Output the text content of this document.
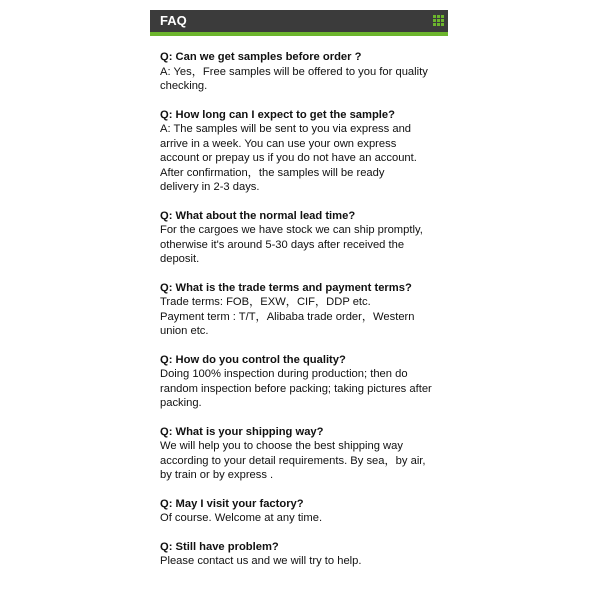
FAQ

Q: Can we get samples before order ?

A: Yes，Free samples will be offered to you for quality
checking.

Q: How long can I expect to get the sample?

A: The samples will be sent to you via express and
arrive in a week. You can use your own express
account or prepay us if you do not have an account.
After confirmation，the samples will be ready
delivery in 2-3 days.

Q: What about the normal lead time?

For the cargoes we have stock we can ship promptly,
otherwise it's around 5-30 days after received the
deposit.

Q: What is the trade terms and payment terms?

Trade terms: FOB，EXW，CIF，DDP etc.
Payment term : T/T，Alibaba trade order，Western
union etc.

Q: How do you control the quality?

Doing 100% inspection during production; then do
random inspection before packing; taking pictures after
packing.

Q: What is your shipping way?

We will help you to choose the best shipping way
according to your detail requirements. By sea，by air,
by train or by express .

Q: May I visit your factory?

Of course. Welcome at any time.

Q: Still have problem?

Please contact us and we will try to help.
